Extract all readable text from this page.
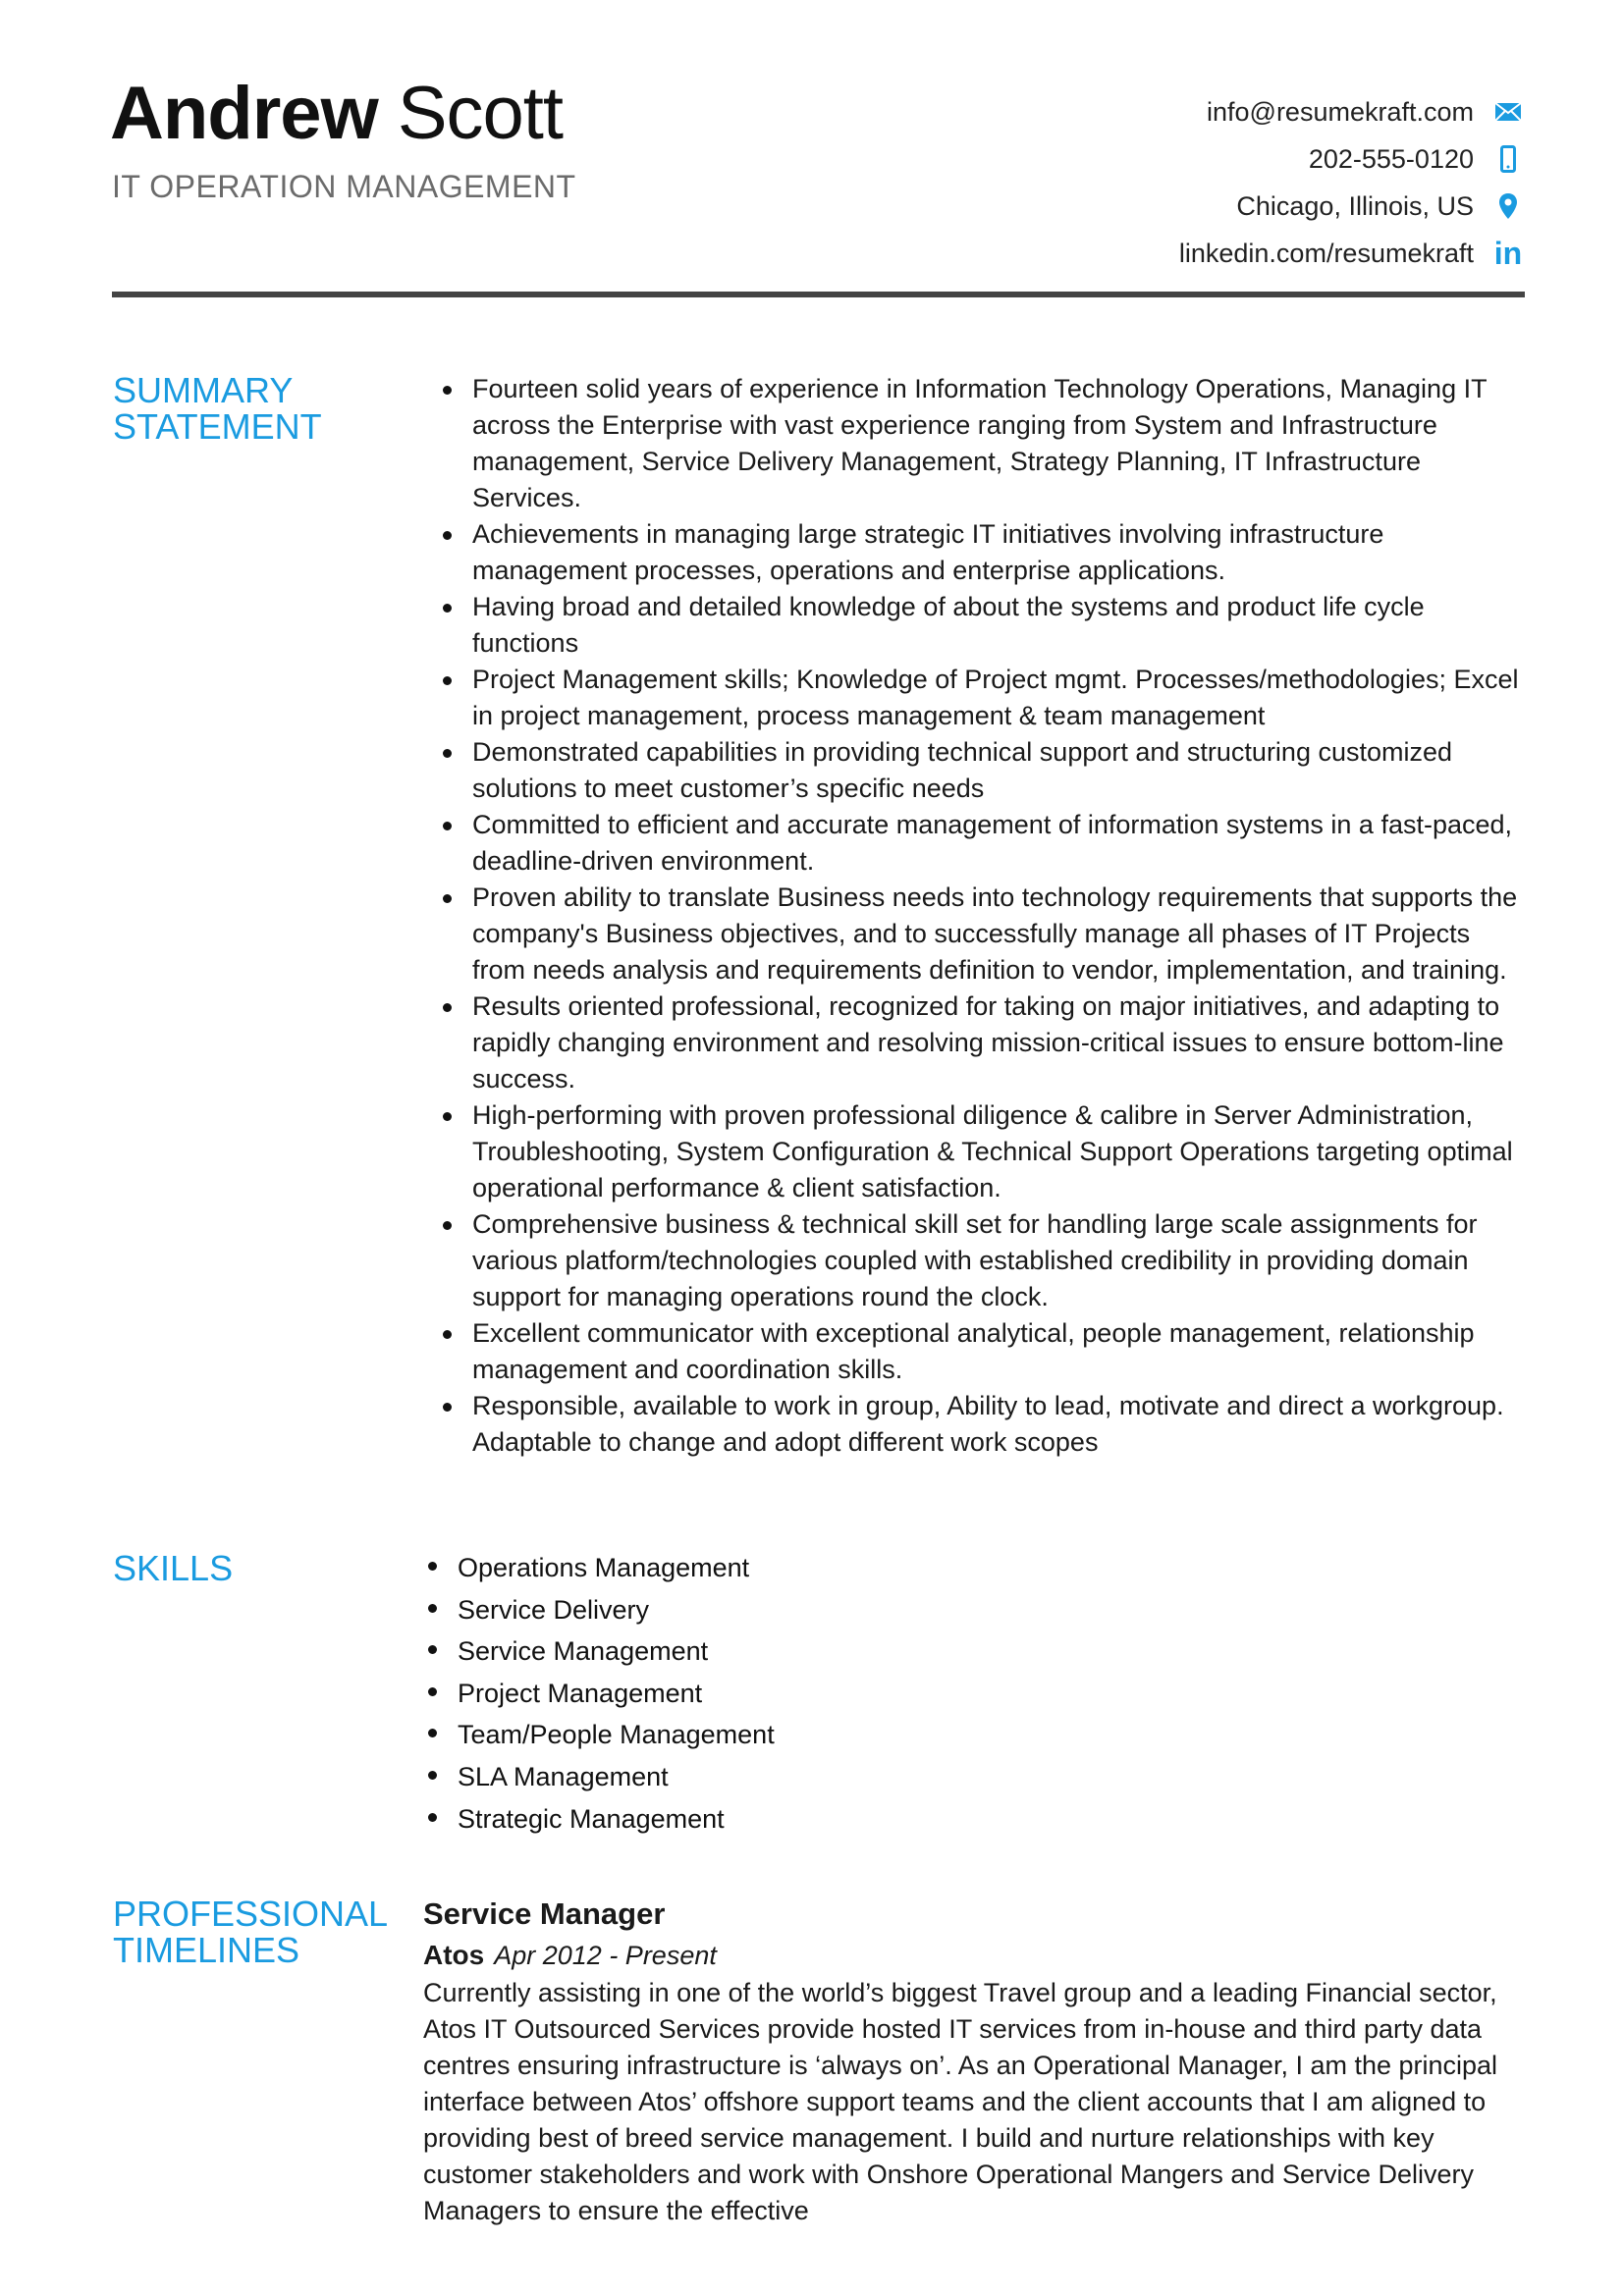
Andrew Scott
IT OPERATION MANAGEMENT
info@resumekraft.com
202-555-0120
Chicago, Illinois, US
linkedin.com/resumekraft in
SUMMARY
STATEMENT
Fourteen solid years of experience in Information Technology Operations, Managing IT across the Enterprise with vast experience ranging from System and Infrastructure management, Service Delivery Management, Strategy Planning, IT Infrastructure Services.
Achievements in managing large strategic IT initiatives involving infrastructure management processes, operations and enterprise applications.
Having broad and detailed knowledge of about the systems and product life cycle functions
Project Management skills; Knowledge of Project mgmt. Processes/methodologies; Excel in project management, process management & team management
Demonstrated capabilities in providing technical support and structuring customized solutions to meet customer’s specific needs
Committed to efficient and accurate management of information systems in a fast-paced, deadline-driven environment.
Proven ability to translate Business needs into technology requirements that supports the company's Business objectives, and to successfully manage all phases of IT Projects from needs analysis and requirements definition to vendor, implementation, and training.
Results oriented professional, recognized for taking on major initiatives, and adapting to rapidly changing environment and resolving mission-critical issues to ensure bottom-line success.
High-performing with proven professional diligence & calibre in Server Administration, Troubleshooting, System Configuration & Technical Support Operations targeting optimal operational performance & client satisfaction.
Comprehensive business & technical skill set for handling large scale assignments for various platform/technologies coupled with established credibility in providing domain support for managing operations round the clock.
Excellent communicator with exceptional analytical, people management, relationship management and coordination skills.
Responsible, available to work in group, Ability to lead, motivate and direct a workgroup. Adaptable to change and adopt different work scopes
SKILLS	Operations Management
Service Delivery
Service Management
Project Management
Team/People Management
SLA Management
Strategic Management
PROFESSIONAL
TIMELINES
Service Manager
Atos Apr 2012 - Present
Currently assisting in one of the world’s biggest Travel group and a leading Financial sector, Atos IT Outsourced Services provide hosted IT services from in-house and third party data centres ensuring infrastructure is ‘always on’. As an Operational Manager, I am the principal interface between Atos’ offshore support teams and the client accounts that I am aligned to providing best of breed service management. I build and nurture relationships with key customer stakeholders and work with Onshore Operational Mangers and Service Delivery Managers to ensure the effective
